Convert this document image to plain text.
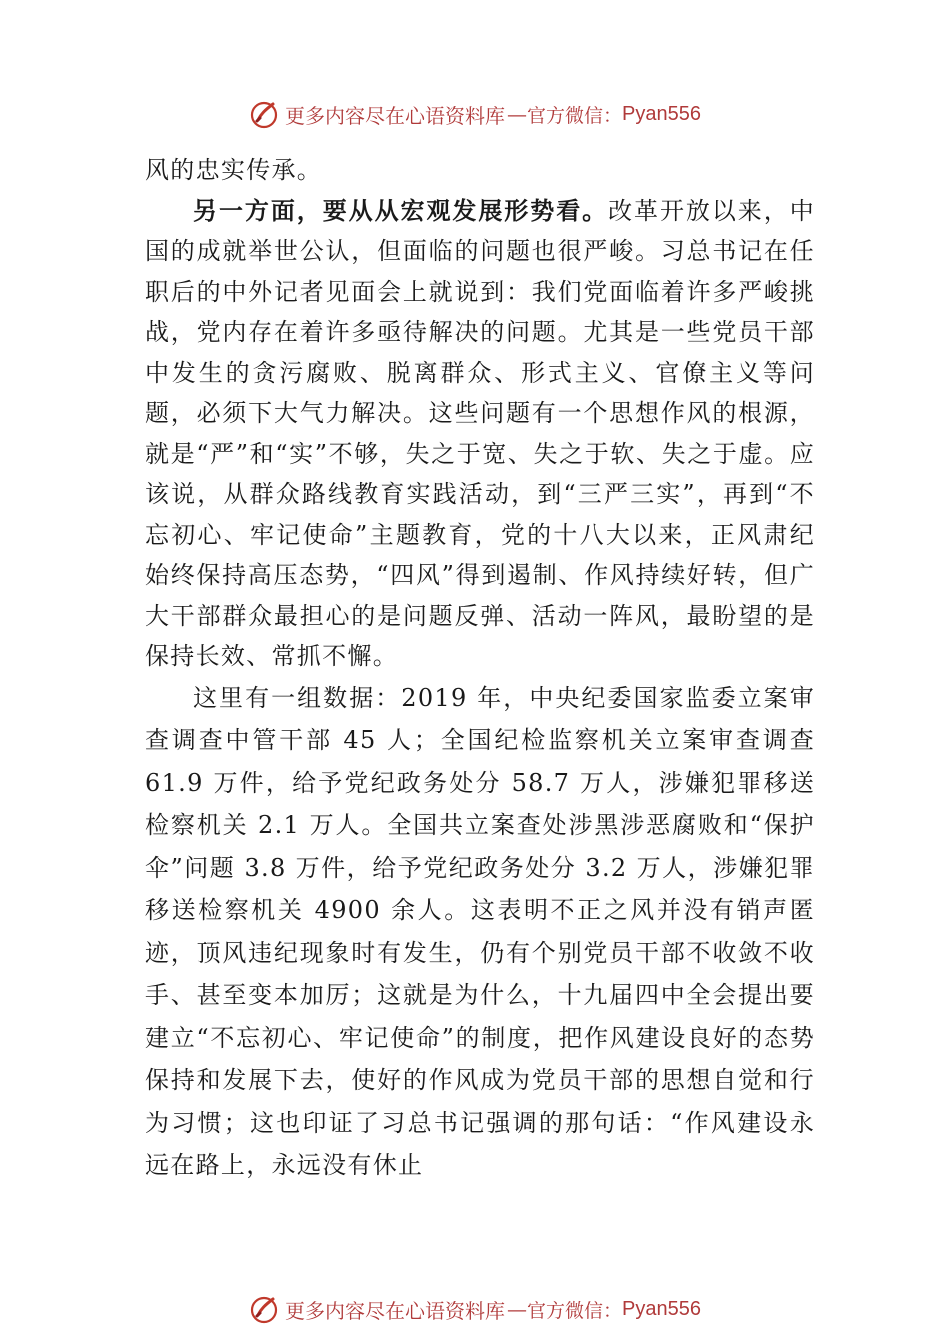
更多内容尽在心语资料库 — 官方微信： Pyan556

风的忠实传承。

另一方面，要从从宏观发展形势看。改革开放以来，中国的成就举世公认，但面临的问题也很严峻。习总书记在任职后的中外记者见面会上就说到：我们党面临着许多严峻挑战，党内存在着许多亟待解决的问题。尤其是一些党员干部中发生的贪污腐败、脱离群众、形式主义、官僚主义等问题，必须下大气力解决。这些问题有一个思想作风的根源，就是“严”和“实”不够，失之于宽、失之于软、失之于虚。应该说，从群众路线教育实践活动，到“三严三实”，再到“不忘初心、牢记使命”主题教育，党的十八大以来，正风肃纪始终保持高压态势，“四风”得到遏制、作风持续好转，但广大干部群众最担心的是问题反弹、活动一阵风，最盼望的是保持长效、常抓不懈。

这里有一组数据：2019 年，中央纪委国家监委立案审查调查中管干部 45 人；全国纪检监察机关立案审查调查 61.9 万件，给予党纪政务处分 58.7 万人，涉嫌犯罪移送检察机关 2.1 万人。全国共立案查处涉黑涉恶腐败和“保护伞”问题 3.8 万件，给予党纪政务处分 3.2 万人，涉嫌犯罪移送检察机关 4900 余人。这表明不正之风并没有销声匿迹，顶风违纪现象时有发生，仍有个别党员干部不收敛不收手、甚至变本加厉；这就是为什么，十九届四中全会提出要建立“不忘初心、牢记使命”的制度，把作风建设良好的态势保持和发展下去，使好的作风成为党员干部的思想自觉和行为习惯；这也印证了习总书记强调的那句话：“作风建设永远在路上，永远没有休止

更多内容尽在心语资料库 — 官方微信： Pyan556
